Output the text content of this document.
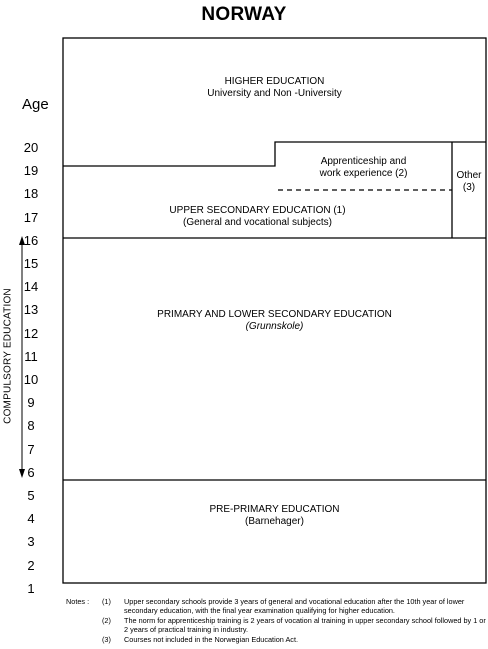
NORWAY
Age
20
19
18
17
16
15
14
13
12
11
10
9
8
7
6
5
4
3
2
1
COMPULSORY EDUCATION
HIGHER EDUCATION
University and Non -University
Apprenticeship and
work experience (2)	Other
(3)
UPPER SECONDARY EDUCATION (1)
(General and vocational subjects)
PRIMARY AND LOWER SECONDARY EDUCATION
(Grunnskole)
PRE-PRIMARY EDUCATION
(Barnehager)
Notes :	(1)	Upper secondary schools provide 3 years of general and vocational education after the 10th year of lower secondary education, with the final year examination qualifying for higher education.
(2)	The norm for apprenticeship training is 2 years of vocation al training in upper secondary school followed by 1 or 2 years of practical training in industry.
(3)	Courses not included in the Norwegian Education Act.
